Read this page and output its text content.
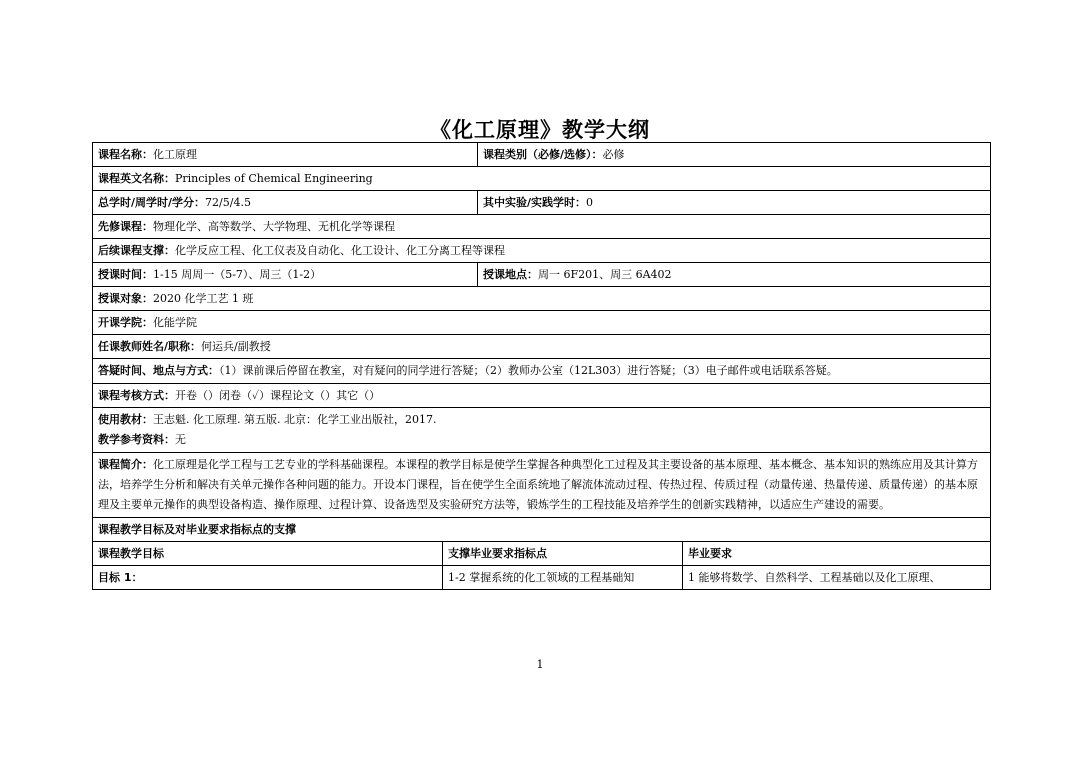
《化工原理》教学大纲
课程名称：化工原理		课程类别（必修/选修）：必修	
课程英文名称：Principles of Chemical Engineering			
总学时/周学时/学分：72/5/4.5		其中实验/实践学时：0	
先修课程：物理化学、高等数学、大学物理、无机化学等课程			
后续课程支撑：化学反应工程、化工仪表及自动化、化工设计、化工分离工程等课程			
授课时间：1-15 周周一（5-7）、周三（1-2）		授课地点：周一 6F201、周三 6A402	
授课对象：2020 化学工艺 1 班			
开课学院：化能学院			
任课教师姓名/职称：何运兵/副教授			
答疑时间、地点与方式：（1）课前课后停留在教室，对有疑问的同学进行答疑；（2）教师办公室（12L303）进行答疑；（3）电子邮件或电话联系答疑。			
课程考核方式：开卷（）闭卷（✓）课程论文（）其它（）			

使用教材：王志魁. 化工原理. 第五版. 北京：化学工业出版社，2017.
教学参考资料：无			

课程简介：化工原理是化学工程与工艺专业的学科基础课程。本课程的教学目标是使学生掌握各种典型化工过程及其主要设备的基本原理、基本概念、基本知识的熟练应用及其计算方法，培养学生分析和解决有关单元操作各种问题的能力。开设本门课程，旨在使学生全面系统地了解流体流动过程、传热过程、传质过程（动量传递、热量传递、质量传递）的基本原理及主要单元操作的典型设备构造、操作原理、过程计算、设备选型及实验研究方法等，锻炼学生的工程技能及培养学生的创新实践精神，以适应生产建设的需要。			
课程教学目标及对毕业要求指标点的支撑			
课程教学目标	支撑毕业要求指标点		毕业要求
目标 1：	1-2 掌握系统的化工领域的工程基础知		1 能够将数学、自然科学、工程基础以及化工原理、
1
